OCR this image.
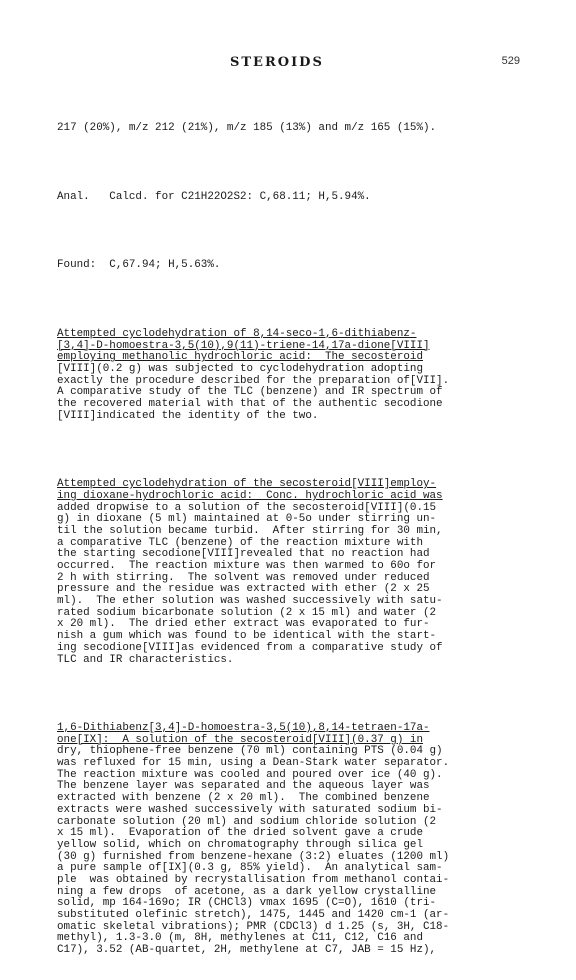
STEROIDS	529

217 (20%), m/z 212 (21%), m/z 185 (13%) and m/z 165 (15%).

Anal.   Calcd. for C21H22O2S2: C,68.11; H,5.94%.

Found:  C,67.94; H,5.63%.

Attempted cyclodehydration of 8,14-seco-1,6-dithiabenz-
[3,4]-D-homoestra-3,5(10),9(11)-triene-14,17a-dione[VIII]
employing methanolic hydrochloric acid:  The secosteroid
[VIII](0.2 g) was subjected to cyclodehydration adopting
exactly the procedure described for the preparation of[VII].
A comparative study of the TLC (benzene) and IR spectrum of
the recovered material with that of the authentic secodione
[VIII]indicated the identity of the two.

Attempted cyclodehydration of the secosteroid[VIII]employ-
ing dioxane-hydrochloric acid:  Conc. hydrochloric acid was
added dropwise to a solution of the secosteroid[VIII](0.15
g) in dioxane (5 ml) maintained at 0-5o under stirring un-
til the solution became turbid.  After stirring for 30 min,
a comparative TLC (benzene) of the reaction mixture with
the starting secodione[VIII]revealed that no reaction had
occurred.  The reaction mixture was then warmed to 60o for
2 h with stirring.  The solvent was removed under reduced
pressure and the residue was extracted with ether (2 x 25
ml).  The ether solution was washed successively with satu-
rated sodium bicarbonate solution (2 x 15 ml) and water (2
x 20 ml).  The dried ether extract was evaporated to fur-
nish a gum which was found to be identical with the start-
ing secodione[VIII]as evidenced from a comparative study of
TLC and IR characteristics.

1,6-Dithiabenz[3,4]-D-homoestra-3,5(10),8,14-tetraen-17a-
one[IX]:  A solution of the secosteroid[VIII](0.37 g) in
dry, thiophene-free benzene (70 ml) containing PTS (0.04 g)
was refluxed for 15 min, using a Dean-Stark water separator.
The reaction mixture was cooled and poured over ice (40 g).
The benzene layer was separated and the aqueous layer was
extracted with benzene (2 x 20 ml).  The combined benzene
extracts were washed successively with saturated sodium bi-
carbonate solution (20 ml) and sodium chloride solution (2
x 15 ml).  Evaporation of the dried solvent gave a crude
yellow solid, which on chromatography through silica gel
(30 g) furnished from benzene-hexane (3:2) eluates (1200 ml)
a pure sample of[IX](0.3 g, 85% yield).  An analytical sam-
ple  was obtained by recrystallisation from methanol contai-
ning a few drops  of acetone, as a dark yellow crystalline
solid, mp 164-169o; IR (CHCl3) vmax 1695 (C=O), 1610 (tri-
substituted olefinic stretch), 1475, 1445 and 1420 cm-1 (ar-
omatic skeletal vibrations); PMR (CDCl3) d 1.25 (s, 3H, C18-
methyl), 1.3-3.0 (m, 8H, methylenes at C11, C12, C16 and
C17), 3.52 (AB-quartet, 2H, methylene at C7, JAB = 15 Hz),
